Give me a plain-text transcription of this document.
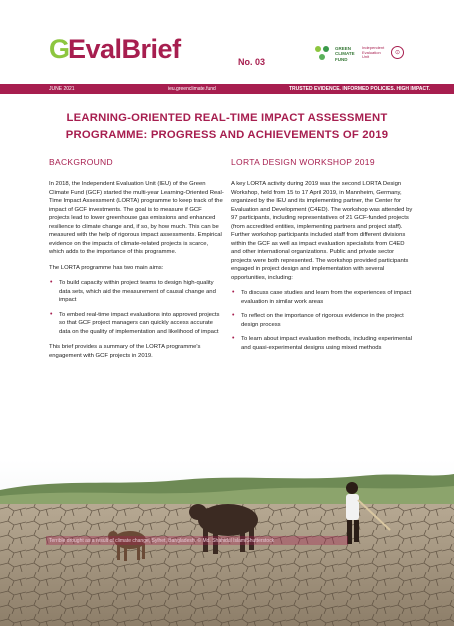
G
EvalBrief	No. 03
GREEN CLIMATE FUND
Independent Evaluation Unit
⊙
JUNE 2021	ieu.greenclimate.fund	TRUSTED EVIDENCE. INFORMED POLICIES. HIGH IMPACT.
LEARNING-ORIENTED REAL-TIME IMPACT ASSESSMENT
PROGRAMME: PROGRESS AND ACHIEVEMENTS OF 2019
BACKGROUND

In 2018, the Independent Evaluation Unit (IEU) of the Green Climate Fund (GCF) started the multi-year Learning-Oriented Real-Time Impact Assessment (LORTA) programme to keep track of the impact of GCF investments. The goal is to measure if GCF projects lead to lower greenhouse gas emissions and enhanced resilience to climate change and, if so, by how much. This can be measured with the help of rigorous impact assessments. Empirical evidence on the impacts of climate-related projects is scarce, which adds to the importance of this programme.

The LORTA programme has two main aims:

• To build capacity within project teams to design high-quality data sets, which aid the measurement of causal change and impact
• To embed real-time impact evaluations into approved projects so that GCF project managers can quickly access accurate data on the quality of implementation and likelihood of impact

This brief provides a summary of the LORTA programme's engagement with GCF projects in 2019.

LORTA DESIGN WORKSHOP 2019

A key LORTA activity during 2019 was the second LORTA Design Workshop, held from 15 to 17 April 2019, in Mannheim, Germany, organized by the IEU and its implementing partner, the Center for Evaluation and Development (C4ED). The workshop was attended by 97 participants, including representatives of 21 GCF-funded projects (from accredited entities, implementing partners and project staff). Further workshop participants included staff from different divisions within the GCF as well as impact evaluation specialists from C4ED and other international organizations. Public and private sector projects were both represented. The workshop provided participants engaged in project design and implementation with several opportunities, including:

• To discuss case studies and learn from the experiences of impact evaluation in similar work areas
• To reflect on the importance of rigorous evidence in the project design process
• To learn about impact evaluation methods, including experimental and quasi-experimental designs using mixed methods
Terrible drought as a result of climate change, Sylhet, Bangladesh. © Md. Shahidul Islam/Shutterstock
